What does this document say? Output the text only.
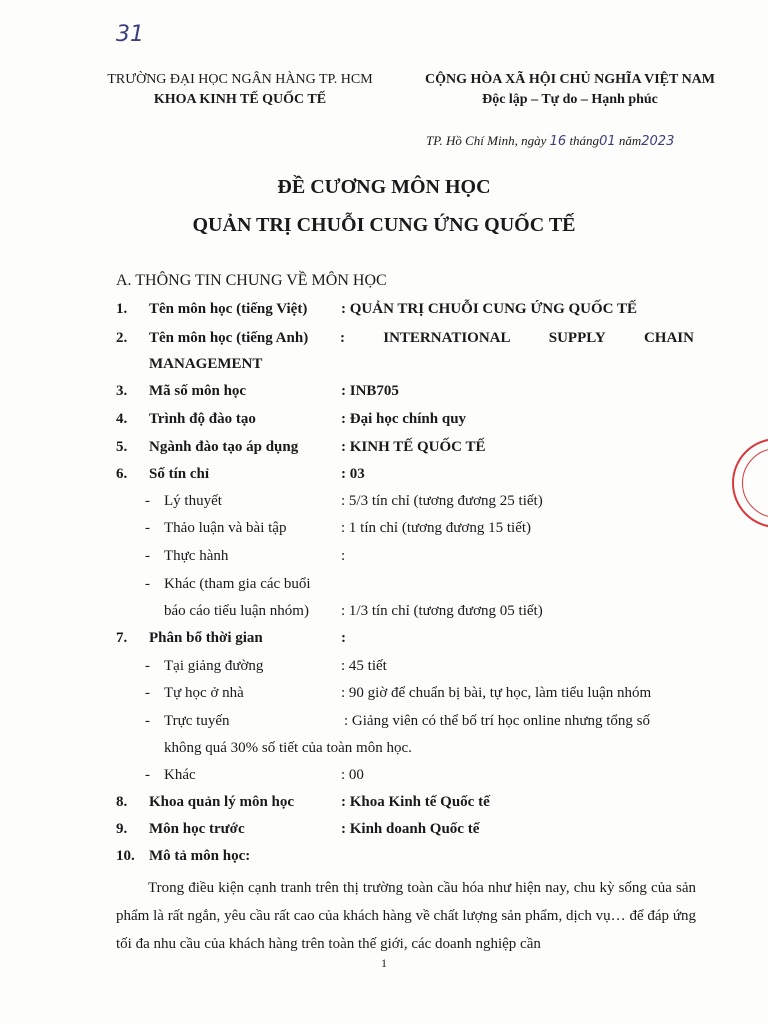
31
TRƯỜNG ĐẠI HỌC NGÂN HÀNG TP. HCM
KHOA KINH TẾ QUỐC TẾ
CỘNG HÒA XÃ HỘI CHỦ NGHĨA VIỆT NAM
Độc lập – Tự do – Hạnh phúc
TP. Hồ Chí Minh, ngày 16 tháng01 năm2023
ĐỀ CƯƠNG MÔN HỌC
QUẢN TRỊ CHUỖI CUNG ỨNG QUỐC TẾ
A. THÔNG TIN CHUNG VỀ MÔN HỌC
1.	Tên môn học (tiếng Việt) : QUẢN TRỊ CHUỖI CUNG ỨNG QUỐC TẾ
2.	Tên môn học (tiếng Anh) :	INTERNATIONAL	SUPPLY	CHAIN
MANAGEMENT
3.	Mã số môn học	: INB705
4.	Trình độ đào tạo	: Đại học chính quy
5.	Ngành đào tạo áp dụng	: KINH TẾ QUỐC TẾ
6.	Số tín chỉ	: 03
- Lý thuyết	: 5/3 tín chỉ (tương đương 25 tiết)
- Thảo luận và bài tập	: 1 tín chỉ (tương đương 15 tiết)
- Thực hành	:
- Khác (tham gia các buổi
báo cáo tiểu luận nhóm) : 1/3 tín chỉ (tương đương 05 tiết)
7.	Phân bổ thời gian	:
- Tại giảng đường	: 45 tiết
- Tự học ở nhà	: 90 giờ để chuẩn bị bài, tự học, làm tiểu luận nhóm
- Trực tuyến	: Giảng viên có thể bố trí học online nhưng tổng số
không quá 30% số tiết của toàn môn học.
- Khác	: 00
8.	Khoa quản lý môn học	: Khoa Kinh tế Quốc tế
9.	Môn học trước	: Kinh doanh Quốc tế
10. Mô tả môn học:
Trong điều kiện cạnh tranh trên thị trường toàn cầu hóa như hiện nay, chu kỳ sống của sản phẩm là rất ngắn, yêu cầu rất cao của khách hàng về chất lượng sản phẩm, dịch vụ… để đáp ứng tối đa nhu cầu của khách hàng trên toàn thế giới, các doanh nghiệp cần
1
